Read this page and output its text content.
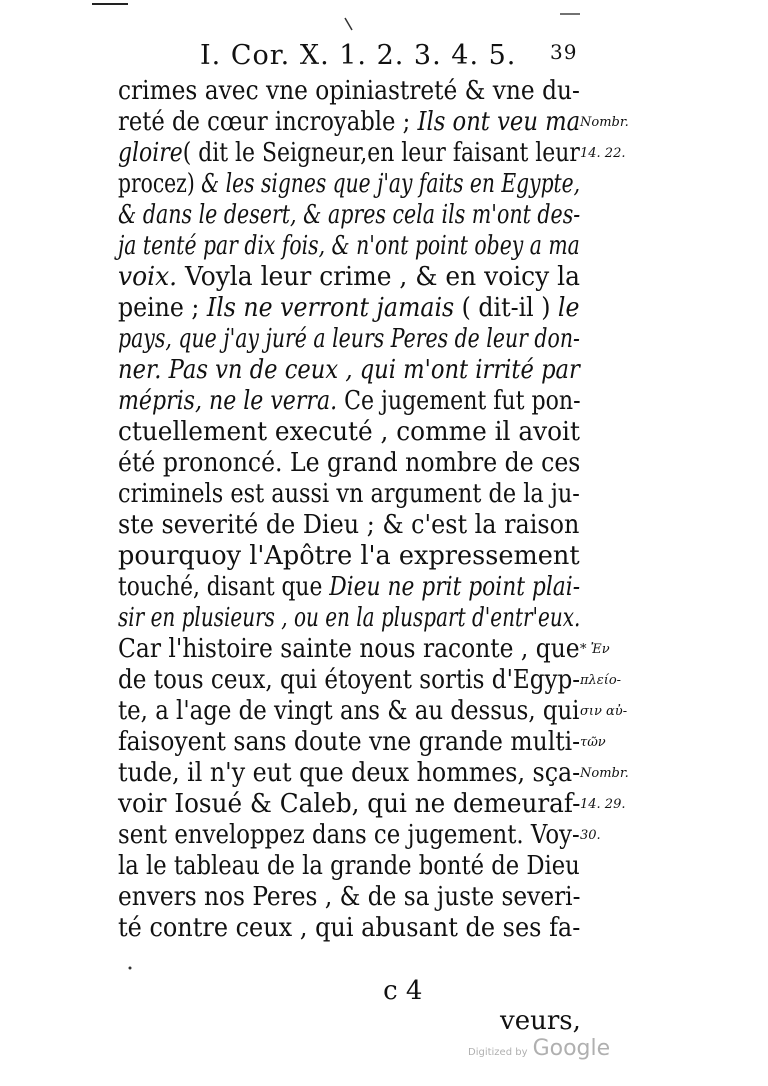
I. Cor. X. 1. 2. 3. 4. 5. 39
crimes avec vne opiniastreté & vne du-
reté de cœur incroyable ; Ils ont veu ma
gloire( dit le Seigneur,en leur faisant leur
procez) & les signes que j'ay faits en Egypte,
& dans le desert, & apres cela ils m'ont des-
ja tenté par dix fois, & n'ont point obey a ma
voix. Voyla leur crime , & en voicy la
peine ; Ils ne verront jamais ( dit-il ) le
pays, que j'ay juré a leurs Peres de leur don-
ner. Pas vn de ceux , qui m'ont irrité par
mépris, ne le verra. Ce jugement fut pon-
ctuellement executé , comme il avoit
été prononcé. Le grand nombre de ces
criminels est aussi vn argument de la ju-
ste severité de Dieu ; & c'est la raison
pourquoy l'Apôtre l'a expressement
touché, disant que Dieu ne prit point plai-
sir en plusieurs , ou en la pluspart d'entr'eux.
Car l'histoire sainte nous raconte , que
de tous ceux, qui étoyent sortis d'Egyp-
te, a l'age de vingt ans & au dessus, qui
faisoyent sans doute vne grande multi-
tude, il n'y eut que deux hommes, sça-
voir Iosué & Caleb, qui ne demeuraf-
sent enveloppez dans ce jugement. Voy-
la le tableau de la grande bonté de Dieu
envers nos Peres , & de sa juste severi-
té contre ceux , qui abusant de ses fa-
Nombr.
14. 22.
* Ἐν
πλείο-
σιν αὐ-
τῶν
Nombr.
14. 29.
30.

c 4

veurs,

Digitized by Google
